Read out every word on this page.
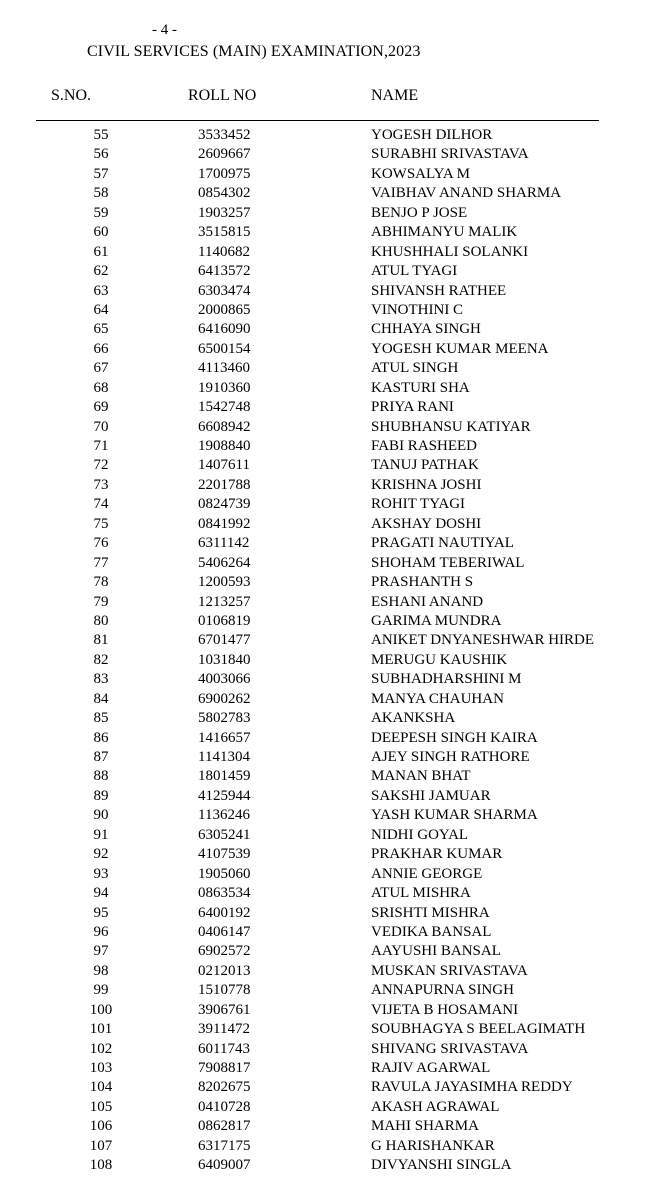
- 4 -
CIVIL SERVICES (MAIN) EXAMINATION,2023
S.NO.	ROLL NO	NAME
55	3533452	YOGESH DILHOR
56	2609667	SURABHI SRIVASTAVA
57	1700975	KOWSALYA M
58	0854302	VAIBHAV ANAND SHARMA
59	1903257	BENJO P JOSE
60	3515815	ABHIMANYU MALIK
61	1140682	KHUSHHALI SOLANKI
62	6413572	ATUL TYAGI
63	6303474	SHIVANSH RATHEE
64	2000865	VINOTHINI C
65	6416090	CHHAYA SINGH
66	6500154	YOGESH KUMAR MEENA
67	4113460	ATUL SINGH
68	1910360	KASTURI SHA
69	1542748	PRIYA RANI
70	6608942	SHUBHANSU KATIYAR
71	1908840	FABI RASHEED
72	1407611	TANUJ PATHAK
73	2201788	KRISHNA JOSHI
74	0824739	ROHIT TYAGI
75	0841992	AKSHAY DOSHI
76	6311142	PRAGATI NAUTIYAL
77	5406264	SHOHAM TEBERIWAL
78	1200593	PRASHANTH S
79	1213257	ESHANI ANAND
80	0106819	GARIMA MUNDRA
81	6701477	ANIKET DNYANESHWAR HIRDE
82	1031840	MERUGU KAUSHIK
83	4003066	SUBHADHARSHINI M
84	6900262	MANYA CHAUHAN
85	5802783	AKANKSHA
86	1416657	DEEPESH SINGH KAIRA
87	1141304	AJEY SINGH RATHORE
88	1801459	MANAN BHAT
89	4125944	SAKSHI JAMUAR
90	1136246	YASH KUMAR SHARMA
91	6305241	NIDHI GOYAL
92	4107539	PRAKHAR KUMAR
93	1905060	ANNIE GEORGE
94	0863534	ATUL MISHRA
95	6400192	SRISHTI MISHRA
96	0406147	VEDIKA BANSAL
97	6902572	AAYUSHI BANSAL
98	0212013	MUSKAN SRIVASTAVA
99	1510778	ANNAPURNA SINGH
100	3906761	VIJETA B HOSAMANI
101	3911472	SOUBHAGYA S BEELAGIMATH
102	6011743	SHIVANG SRIVASTAVA
103	7908817	RAJIV AGARWAL
104	8202675	RAVULA JAYASIMHA REDDY
105	0410728	AKASH AGRAWAL
106	0862817	MAHI SHARMA
107	6317175	G HARISHANKAR
108	6409007	DIVYANSHI SINGLA
